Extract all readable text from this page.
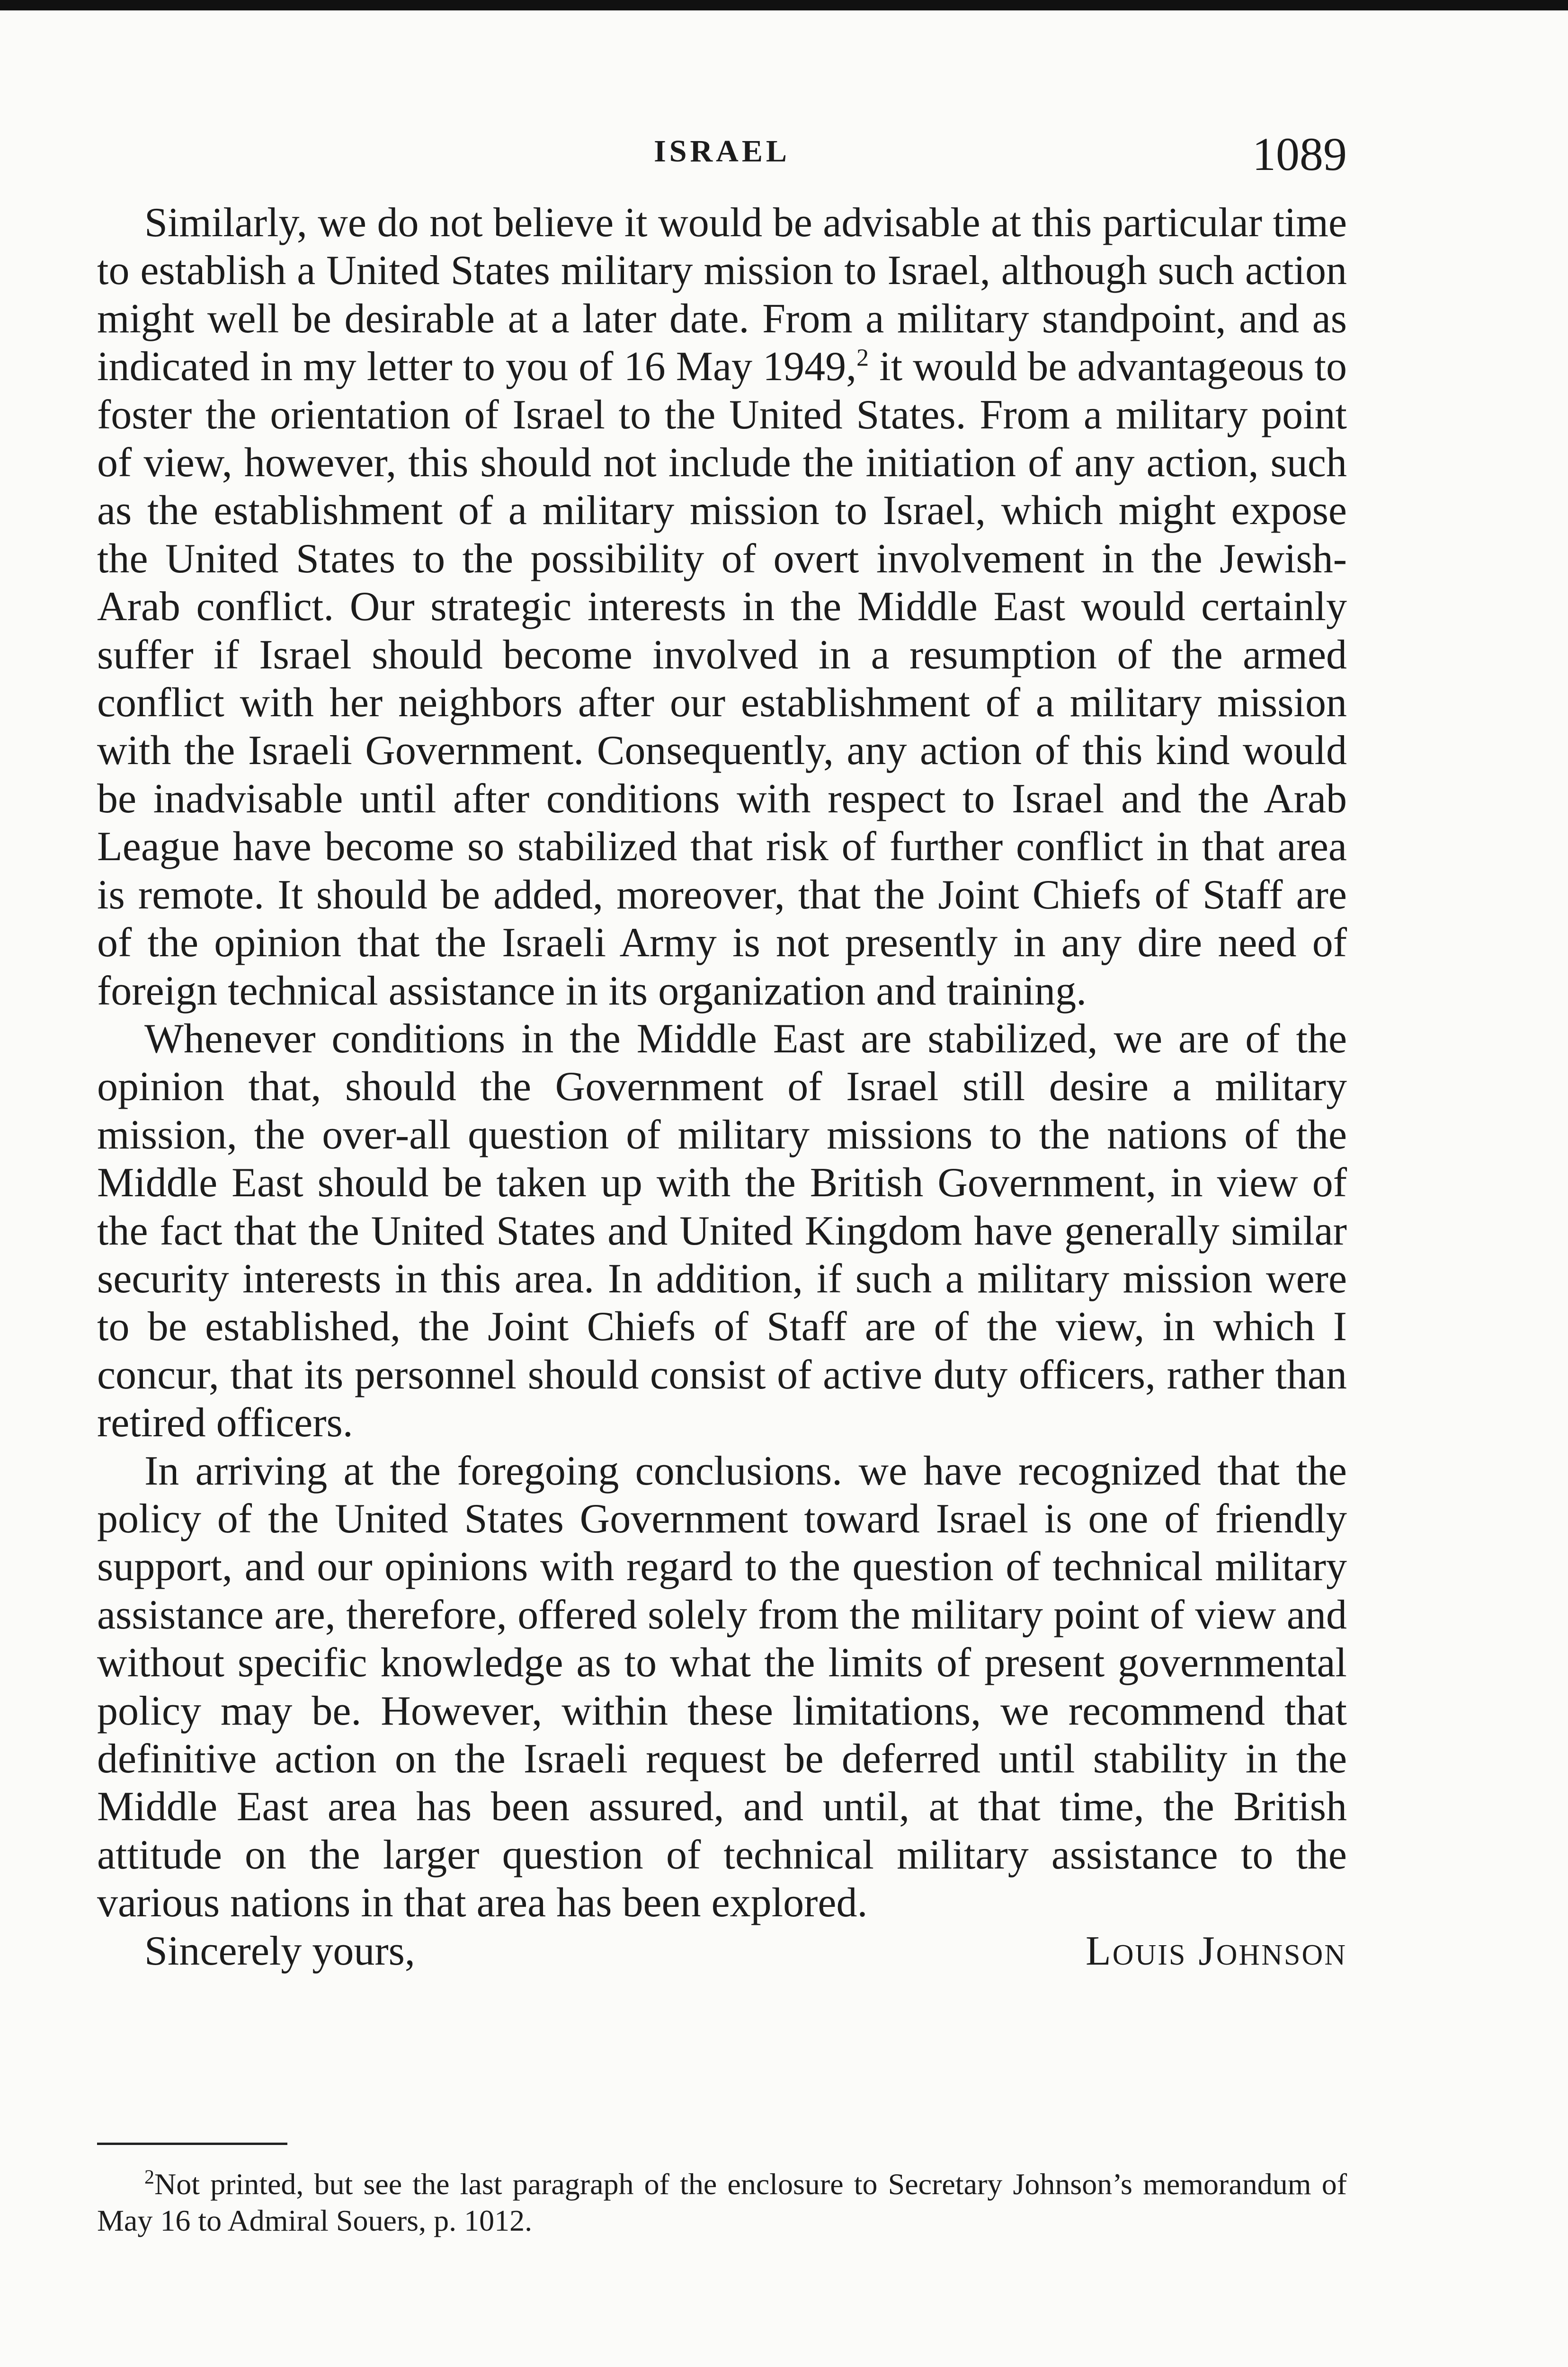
ISRAEL	1089

Similarly, we do not believe it would be advisable at this particular time to establish a United States military mission to Israel, although such action might well be desirable at a later date. From a military standpoint, and as indicated in my letter to you of 16 May 1949,$^2$ it would be advantageous to foster the orientation of Israel to the United States. From a military point of view, however, this should not include the initiation of any action, such as the establishment of a military mission to Israel, which might expose the United States to the possibility of overt involvement in the Jewish-Arab conflict. Our strategic interests in the Middle East would certainly suffer if Israel should become involved in a resumption of the armed conflict with her neighbors after our establishment of a military mission with the Israeli Government. Consequently, any action of this kind would be inadvisable until after conditions with respect to Israel and the Arab League have become so stabilized that risk of further conflict in that area is remote. It should be added, moreover, that the Joint Chiefs of Staff are of the opinion that the Israeli Army is not presently in any dire need of foreign technical assistance in its organization and training.

Whenever conditions in the Middle East are stabilized, we are of the opinion that, should the Government of Israel still desire a military mission, the over-all question of military missions to the nations of the Middle East should be taken up with the British Government, in view of the fact that the United States and United Kingdom have generally similar security interests in this area. In addition, if such a military mission were to be established, the Joint Chiefs of Staff are of the view, in which I concur, that its personnel should consist of active duty officers, rather than retired officers.

In arriving at the foregoing conclusions. we have recognized that the policy of the United States Government toward Israel is one of friendly support, and our opinions with regard to the question of technical military assistance are, therefore, offered solely from the military point of view and without specific knowledge as to what the limits of present governmental policy may be. However, within these limitations, we recommend that definitive action on the Israeli request be deferred until stability in the Middle East area has been assured, and until, at that time, the British attitude on the larger question of technical military assistance to the various nations in that area has been explored.

Sincerely yours,	Louis Johnson
$^2$Not printed, but see the last paragraph of the enclosure to Secretary Johnson’s memorandum of May 16 to Admiral Souers, p. 1012.
